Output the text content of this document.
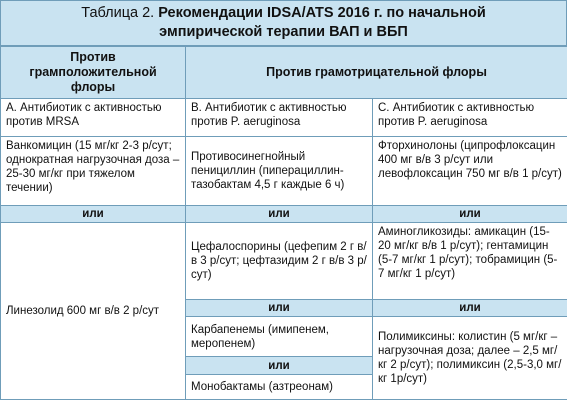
Таблица 2. Рекомендации IDSA/ATS 2016 г. по начальной
эмпирической терапии ВАП и ВБП
Против грамположительной флоры	Против грамотрицательной флоры	
А. Антибиотик с активностью против MRSA	В. Антибиотик с активностью против P. aeruginosa	С. Антибиотик с активностью против P. aeruginosa
Ванкомицин (15 мг/кг 2-3 р/сут; однократная нагрузочная доза – 25-30 мг/кг при тяжелом течении)	Противосинегнойный пенициллин (пиперациллин-тазобактам 4,5 г каждые 6 ч)	Фторхинолоны (ципрофлоксацин 400 мг в/в 3 р/сут или левофлоксацин 750 мг в/в 1 р/сут)
или	или	или
Линезолид 600 мг в/в 2 р/сут	Цефалоспорины (цефепим 2 г в/в 3 р/сут; цефтазидим 2 г в/в 3 р/сут)	Аминогликозиды: амикацин (15-20 мг/кг в/в 1 р/сут); гентамицин (5-7 мг/кг 1 р/сут); тобрамицин (5-7 мг/кг 1 р/сут)
	или	или
	Карбапенемы (имипенем, меропенем)	Полимиксины: колистин (5 мг/кг – нагрузочная доза; далее – 2,5 мг/кг 2 р/сут); полимиксин (2,5-3,0 мг/кг 1р/сут)
	или	
	Монобактамы (азтреонам)	
